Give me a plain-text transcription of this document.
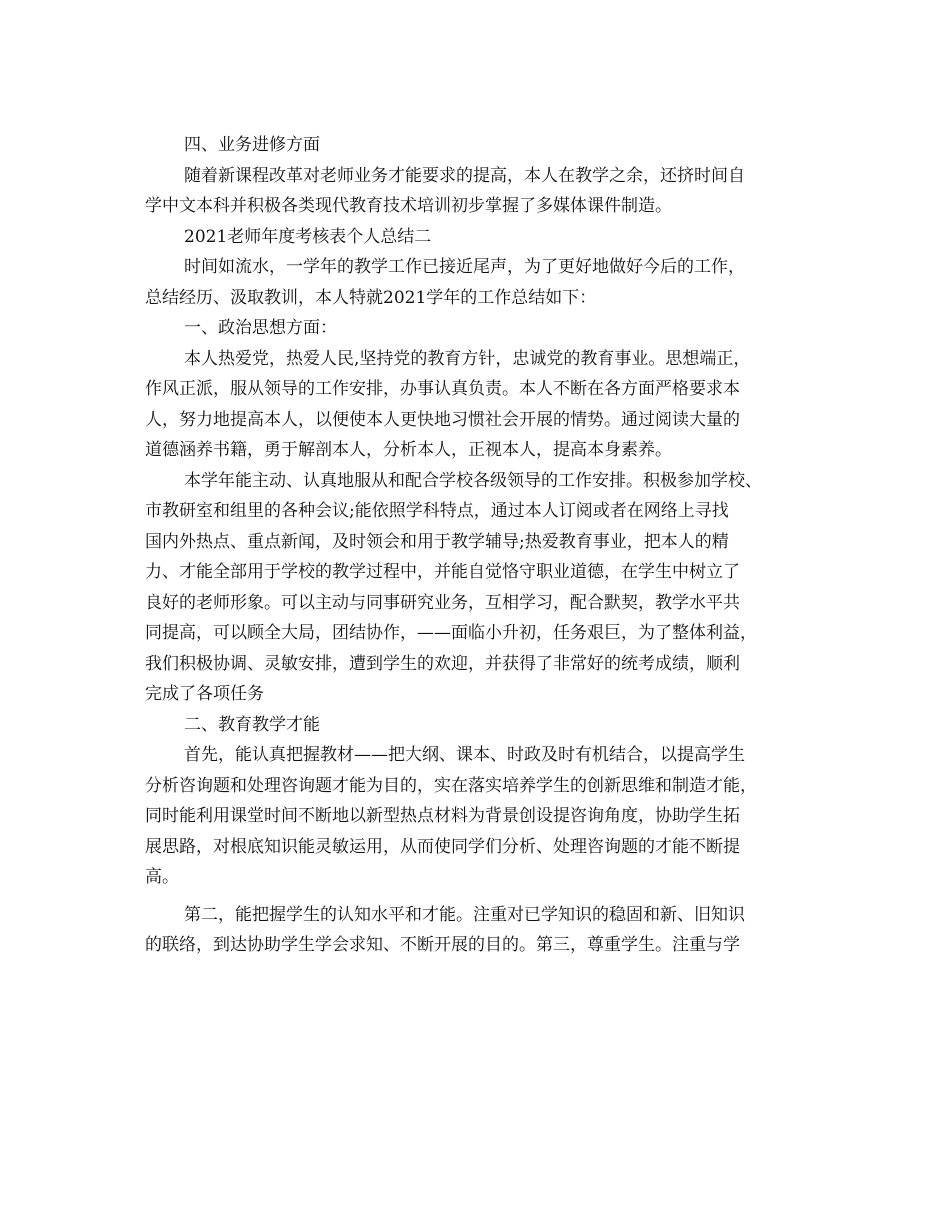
四、业务进修方面
随着新课程改革对老师业务才能要求的提高，本人在教学之余，还挤时间自
学中文本科并积极各类现代教育技术培训初步掌握了多媒体课件制造。
2021老师年度考核表个人总结二
时间如流水，一学年的教学工作已接近尾声，为了更好地做好今后的工作，
总结经历、汲取教训，本人特就2021学年的工作总结如下：
一、政治思想方面：
本人热爱党，热爱人民,坚持党的教育方针，忠诚党的教育事业。思想端正，
作风正派，服从领导的工作安排，办事认真负责。本人不断在各方面严格要求本
人，努力地提高本人，以便使本人更快地习惯社会开展的情势。通过阅读大量的
道德涵养书籍，勇于解剖本人，分析本人，正视本人，提高本身素养。
本学年能主动、认真地服从和配合学校各级领导的工作安排。积极参加学校、
市教研室和组里的各种会议;能依照学科特点，通过本人订阅或者在网络上寻找
国内外热点、重点新闻，及时领会和用于教学辅导;热爱教育事业，把本人的精
力、才能全部用于学校的教学过程中，并能自觉恪守职业道德，在学生中树立了
良好的老师形象。可以主动与同事研究业务，互相学习，配合默契，教学水平共
同提高，可以顾全大局，团结协作，——面临小升初，任务艰巨，为了整体利益，
我们积极协调、灵敏安排，遭到学生的欢迎，并获得了非常好的统考成绩，顺利
完成了各项任务
二、教育教学才能
首先，能认真把握教材——把大纲、课本、时政及时有机结合，以提高学生
分析咨询题和处理咨询题才能为目的，实在落实培养学生的创新思维和制造才能，
同时能利用课堂时间不断地以新型热点材料为背景创设提咨询角度，协助学生拓
展思路，对根底知识能灵敏运用，从而使同学们分析、处理咨询题的才能不断提
高。
第二，能把握学生的认知水平和才能。注重对已学知识的稳固和新、旧知识
的联络，到达协助学生学会求知、不断开展的目的。第三，尊重学生。注重与学
